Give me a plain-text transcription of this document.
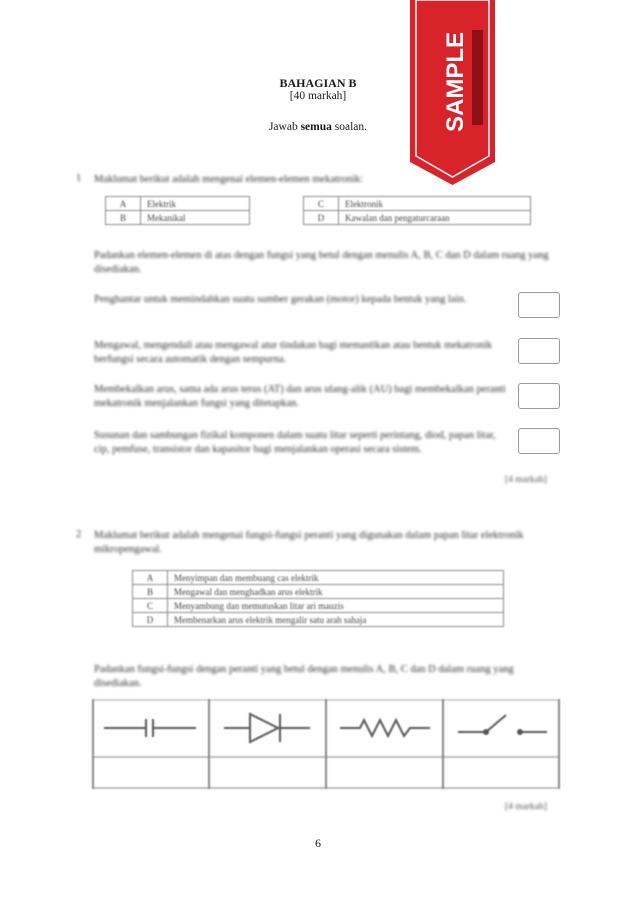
BAHAGIAN B
[40 markah]
Jawab semua soalan.	SAMPLE
1 Maklumat berikut adalah mengenai elemen-elemen mekatronik:
A	Elektrik
B	Mekanikal
C	Elektronik
D	Kawalan dan pengaturcaraan
Padankan elemen-elemen di atas dengan fungsi yang betul dengan menulis A, B, C dan D dalam ruang yang disediakan.
Penghantar untuk memindahkan suatu sumber gerakan (motor) kepada bentuk yang lain.
Mengawal, mengendali atau mengawal atur tindakan bagi memastikan atau bentuk mekatronik berfungsi secara automatik dengan sempurna.
Membekalkan arus, sama ada arus terus (AT) dan arus ulang-alik (AU) bagi membekalkan peranti mekatronik menjalankan fungsi yang ditetapkan.
Susunan dan sambungan fizikal komponen dalam suatu litar seperti perintang, diod, papan litar, cip, pemfuse, transistor dan kapasitor bagi menjalankan operasi secara sistem.
[4 markah]
2 Maklumat berikut adalah mengenai fungsi-fungsi peranti yang digunakan dalam papan litar elektronik mikropengawal.
A	Menyimpan dan membuang cas elektrik
B	Mengawal dan menghadkan arus elektrik
C	Menyambung dan memutuskan litar ari mauzis
D	Membenarkan arus elektrik mengalir satu arah sahaja
Padankan fungsi-fungsi dengan peranti yang betul dengan menulis A, B, C dan D dalam ruang yang disediakan.
[4 markah]
6
